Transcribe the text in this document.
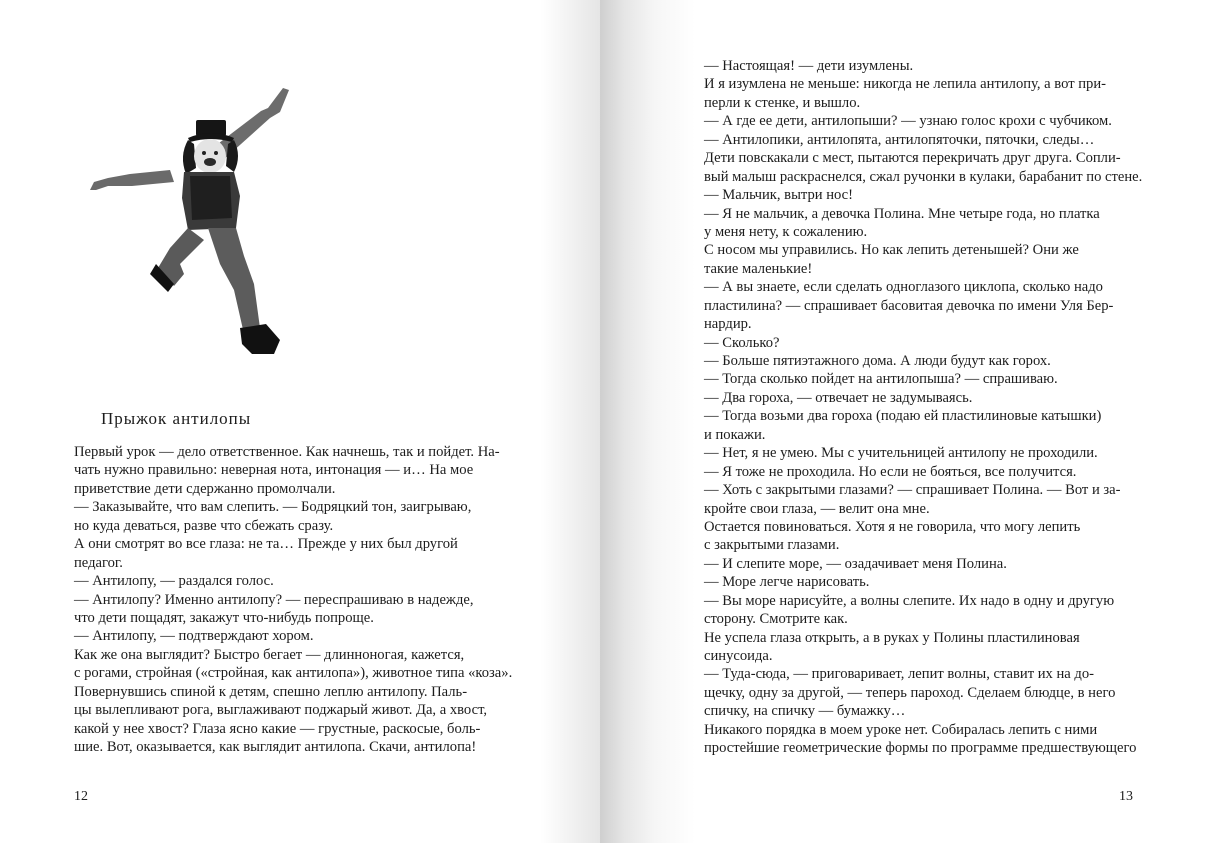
Прыжок антилопы
Первый урок — дело ответственное. Как начнешь, так и пойдет. На-
чать нужно правильно: неверная нота, интонация — и… На мое
приветствие дети сдержанно промолчали.
— Заказывайте, что вам слепить. — Бодряцкий тон, заигрываю,
но куда деваться, разве что сбежать сразу.
А они смотрят во все глаза: не та… Прежде у них был другой
педагог.
— Антилопу, — раздался голос.
— Антилопу? Именно антилопу? — переспрашиваю в надежде,
что дети пощадят, закажут что-нибудь попроще.
— Антилопу, — подтверждают хором.
Как же она выглядит? Быстро бегает — длинноногая, кажется,
с рогами, стройная («стройная, как антилопа»), животное типа «коза».
Повернувшись спиной к детям, спешно леплю антилопу. Паль-
цы вылепливают рога, выглаживают поджарый живот. Да, а хвост,
какой у нее хвост? Глаза ясно какие — грустные, раскосые, боль-
шие. Вот, оказывается, как выглядит антилопа. Скачи, антилопа!
12
— Настоящая! — дети изумлены.
И я изумлена не меньше: никогда не лепила антилопу, а вот при-
перли к стенке, и вышло.
— А где ее дети, антилопыши? — узнаю голос крохи с чубчиком.
— Антилопики, антилопята, антилопяточки, пяточки, следы…
Дети повскакали с мест, пытаются перекричать друг друга. Сопли-
вый малыш раскраснелся, сжал ручонки в кулаки, барабанит по стене.
— Мальчик, вытри нос!
— Я не мальчик, а девочка Полина. Мне четыре года, но платка
у меня нету, к сожалению.
С носом мы управились. Но как лепить детенышей? Они же
такие маленькие!
— А вы знаете, если сделать одноглазого циклопа, сколько надо
пластилина? — спрашивает басовитая девочка по имени Уля Бер-
нардир.
— Сколько?
— Больше пятиэтажного дома. А люди будут как горох.
— Тогда сколько пойдет на антилопыша? — спрашиваю.
— Два гороха, — отвечает не задумываясь.
— Тогда возьми два гороха (подаю ей пластилиновые катышки)
и покажи.
— Нет, я не умею. Мы с учительницей антилопу не проходили.
— Я тоже не проходила. Но если не бояться, все получится.
— Хоть с закрытыми глазами? — спрашивает Полина. — Вот и за-
кройте свои глаза, — велит она мне.
Остается повиноваться. Хотя я не говорила, что могу лепить
с закрытыми глазами.
— И слепите море, — озадачивает меня Полина.
— Море легче нарисовать.
— Вы море нарисуйте, а волны слепите. Их надо в одну и другую
сторону. Смотрите как.
Не успела глаза открыть, а в руках у Полины пластилиновая
синусоида.
— Туда-сюда, — приговаривает, лепит волны, ставит их на до-
щечку, одну за другой, — теперь пароход. Сделаем блюдце, в него
спичку, на спичку — бумажку…
Никакого порядка в моем уроке нет. Собиралась лепить с ними
простейшие геометрические формы по программе предшествующего
13
